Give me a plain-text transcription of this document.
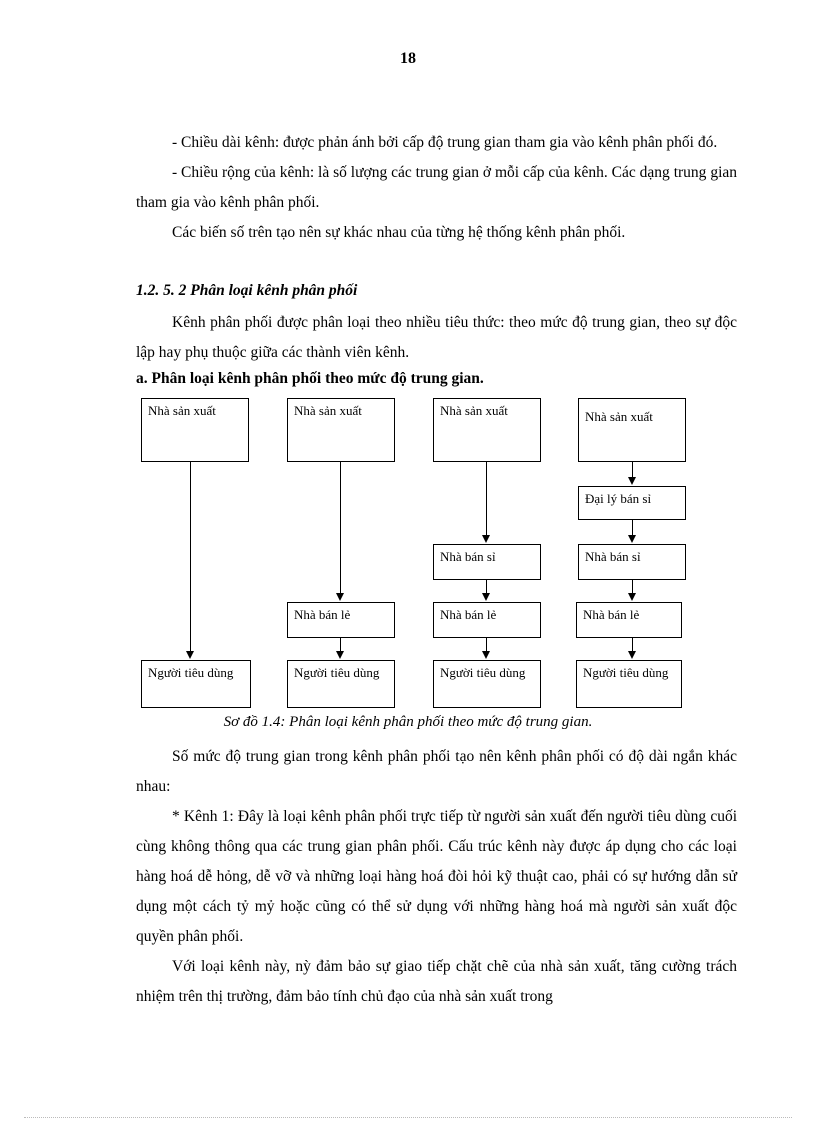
18

- Chiều dài kênh: được phản ánh bởi cấp độ trung gian tham gia vào kênh phân phối đó.

- Chiều rộng của kênh: là số lượng các trung gian ở mỗi cấp của kênh. Các dạng trung gian tham gia vào kênh phân phối.

Các biến số trên tạo nên sự khác nhau của từng hệ thống kênh phân phối.

1.2. 5. 2 Phân loại kênh phân phối

Kênh phân phối được phân loại theo nhiều tiêu thức: theo mức độ trung gian, theo sự độc lập hay phụ thuộc giữa các thành viên kênh.

a. Phân loại kênh phân phối theo mức độ trung gian.
Nhà sản xuất
Người tiêu dùng
Nhà sản xuất
Nhà bán lẻ
Người tiêu dùng
Nhà sản xuất
Nhà bán sỉ
Nhà bán lẻ
Người tiêu dùng
Nhà sản xuất
Đại lý bán sỉ
Nhà bán sỉ
Nhà bán lẻ
Người tiêu dùng
Sơ đồ 1.4: Phân loại kênh phân phối theo mức độ trung gian.

Số mức độ trung gian trong kênh phân phối tạo nên kênh phân phối có độ dài ngắn khác nhau:

* Kênh 1: Đây là loại kênh phân phối trực tiếp từ người sản xuất đến người tiêu dùng cuối cùng không thông qua các trung gian phân phối. Cấu trúc kênh này được áp dụng cho các loại hàng hoá dễ hỏng, dễ vỡ và những loại hàng hoá đòi hỏi kỹ thuật cao, phải có sự hướng dẫn sử dụng một cách tỷ mỷ hoặc cũng có thể sử dụng với những hàng hoá mà người sản xuất độc quyền phân phối.

Với loại kênh này, nỳ đảm bảo sự giao tiếp chặt chẽ của nhà sản xuất, tăng cường trách nhiệm trên thị trường, đảm bảo tính chủ đạo của nhà sản xuất trong
